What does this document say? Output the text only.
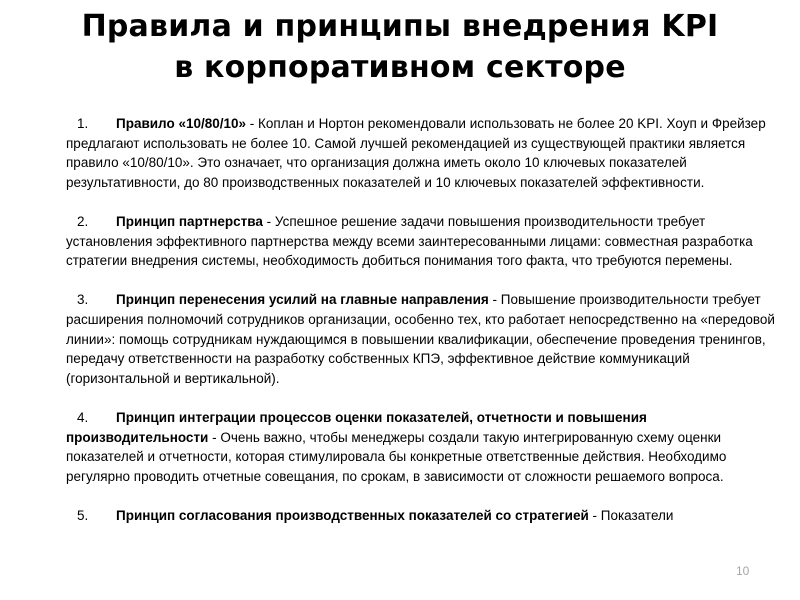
Правила и принципы внедрения KPI
в корпоративном секторе
1. Правило «10/80/10» - Коплан и Нортон рекомендовали использовать не более 20 KPI. Хоуп и Фрейзер предлагают использовать не более 10. Самой лучшей рекомендацией из существующей практики является правило «10/80/10». Это означает, что организация должна иметь около 10 ключевых показателей результативности, до 80 производственных показателей и 10 ключевых показателей эффективности.
2. Принцип партнерства - Успешное решение задачи повышения производительности требует установления эффективного партнерства между всеми заинтересованными лицами: совместная разработка стратегии внедрения системы, необходимость добиться понимания того факта, что требуются перемены.
3. Принцип перенесения усилий на главные направления - Повышение производительности требует расширения полномочий сотрудников организации, особенно тех, кто работает непосредственно на «передовой линии»: помощь сотрудникам нуждающимся в повышении квалификации, обеспечение проведения тренингов, передачу ответственности на разработку собственных КПЭ, эффективное действие коммуникаций (горизонтальной и вертикальной).
4. Принцип интеграции процессов оценки показателей, отчетности и повышения производительности - Очень важно, чтобы менеджеры создали такую интегрированную схему оценки показателей и отчетности, которая стимулировала бы конкретные ответственные действия. Необходимо регулярно проводить отчетные совещания, по срокам, в зависимости от сложности решаемого вопроса.
5. Принцип согласования производственных показателей со стратегией - Показатели
10
